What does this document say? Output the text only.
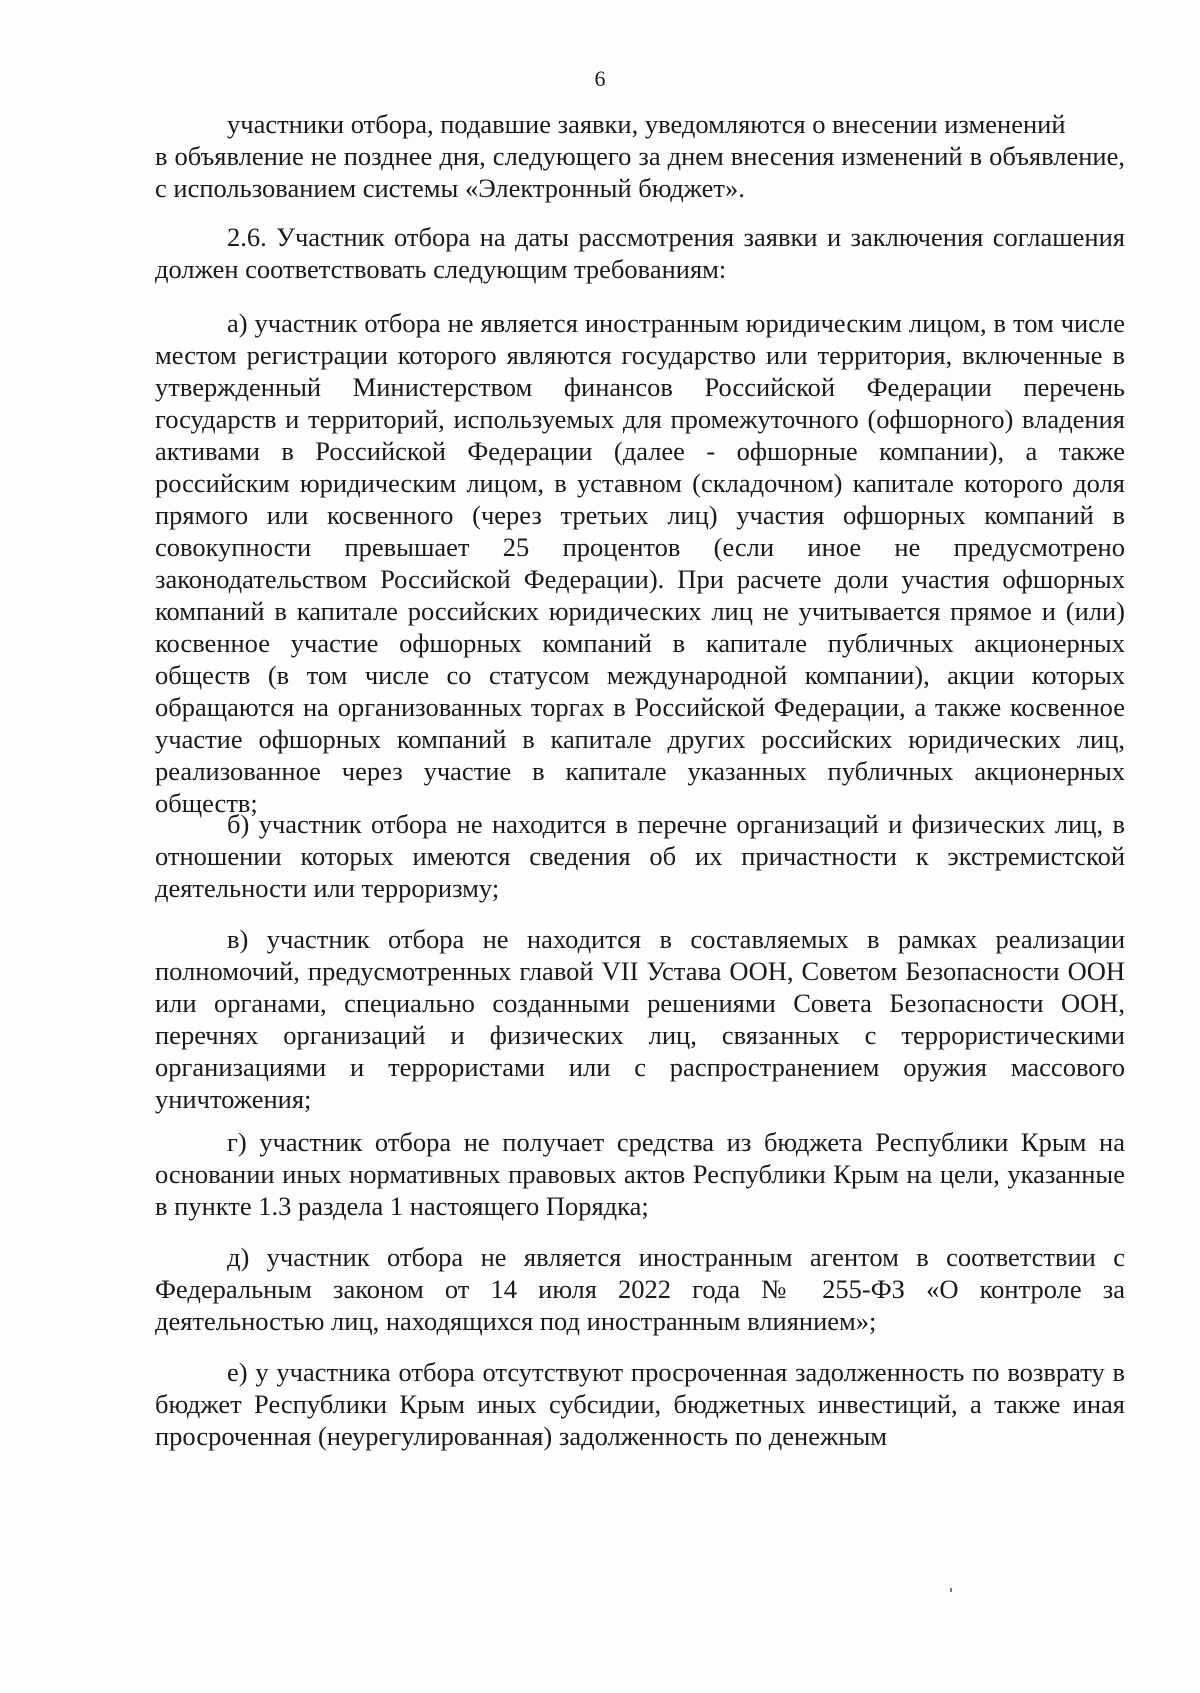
6

участники отбора, подавшие заявки, уведомляются о внесении изменений

в объявление не позднее дня, следующего за днем внесения изменений в объявление, с использованием системы «Электронный бюджет».

2.6. Участник отбора на даты рассмотрения заявки и заключения соглашения должен соответствовать следующим требованиям:

а) участник отбора не является иностранным юридическим лицом, в том числе местом регистрации которого являются государство или территория, включенные в утвержденный Министерством финансов Российской Федерации перечень государств и территорий, используемых для промежуточного (офшорного) владения активами в Российской Федерации (далее - офшорные компании), а также российским юридическим лицом, в уставном (складочном) капитале которого доля прямого или косвенного (через третьих лиц) участия офшорных компаний в совокупности превышает 25 процентов (если иное не предусмотрено законодательством Российской Федерации). При расчете доли участия офшорных компаний в капитале российских юридических лиц не учитывается прямое и (или) косвенное участие офшорных компаний в капитале публичных акционерных обществ (в том числе со статусом международной компании), акции которых обращаются на организованных торгах в Российской Федерации, а также косвенное участие офшорных компаний в капитале других российских юридических лиц, реализованное через участие в капитале указанных публичных акционерных обществ;

б) участник отбора не находится в перечне организаций и физических лиц, в отношении которых имеются сведения об их причастности к экстремистской деятельности или терроризму;

в) участник отбора не находится в составляемых в рамках реализации полномочий, предусмотренных главой VII Устава ООН, Советом Безопасности ООН или органами, специально созданными решениями Совета Безопасности ООН, перечнях организаций и физических лиц, связанных с террористическими организациями и террористами или с распространением оружия массового уничтожения;

г) участник отбора не получает средства из бюджета Республики Крым на основании иных нормативных правовых актов Республики Крым на цели, указанные в пункте 1.3 раздела 1 настоящего Порядка;

д) участник отбора не является иностранным агентом в соответствии с Федеральным законом от 14 июля 2022 года № 255-ФЗ «О контроле за деятельностью лиц, находящихся под иностранным влиянием»;

е) у участника отбора отсутствуют просроченная задолженность по возврату в бюджет Республики Крым иных субсидии, бюджетных инвестиций, а также иная просроченная (неурегулированная) задолженность по денежным
